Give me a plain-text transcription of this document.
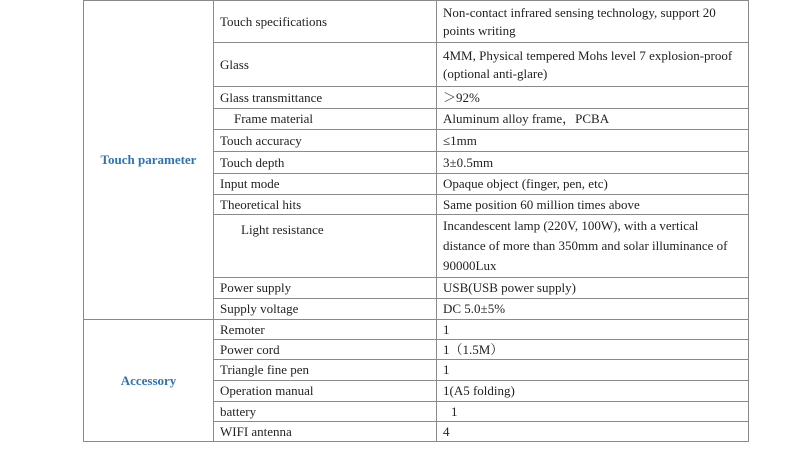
Touch parameter	Touch specifications	Non-contact infrared sensing technology, support 20 points writing
	Glass	4MM, Physical tempered Mohs level 7 explosion-proof (optional anti-glare)
	Glass transmittance	＞92%
	Frame material	Aluminum alloy frame，PCBA
	Touch accuracy	≤1mm
	Touch depth	3±0.5mm
	Input mode	Opaque object (finger, pen, etc)
	Theoretical hits	Same position 60 million times above
	Light resistance	Incandescent lamp (220V, 100W), with a vertical distance of more than 350mm and solar illuminance of 90000Lux
	Power supply	USB(USB power supply)
	Supply voltage	DC 5.0±5%
Accessory	Remoter	1
	Power cord	1（1.5M）
	Triangle fine pen	1
	Operation manual	1(A5 folding)
	battery	1
	WIFI antenna	4
